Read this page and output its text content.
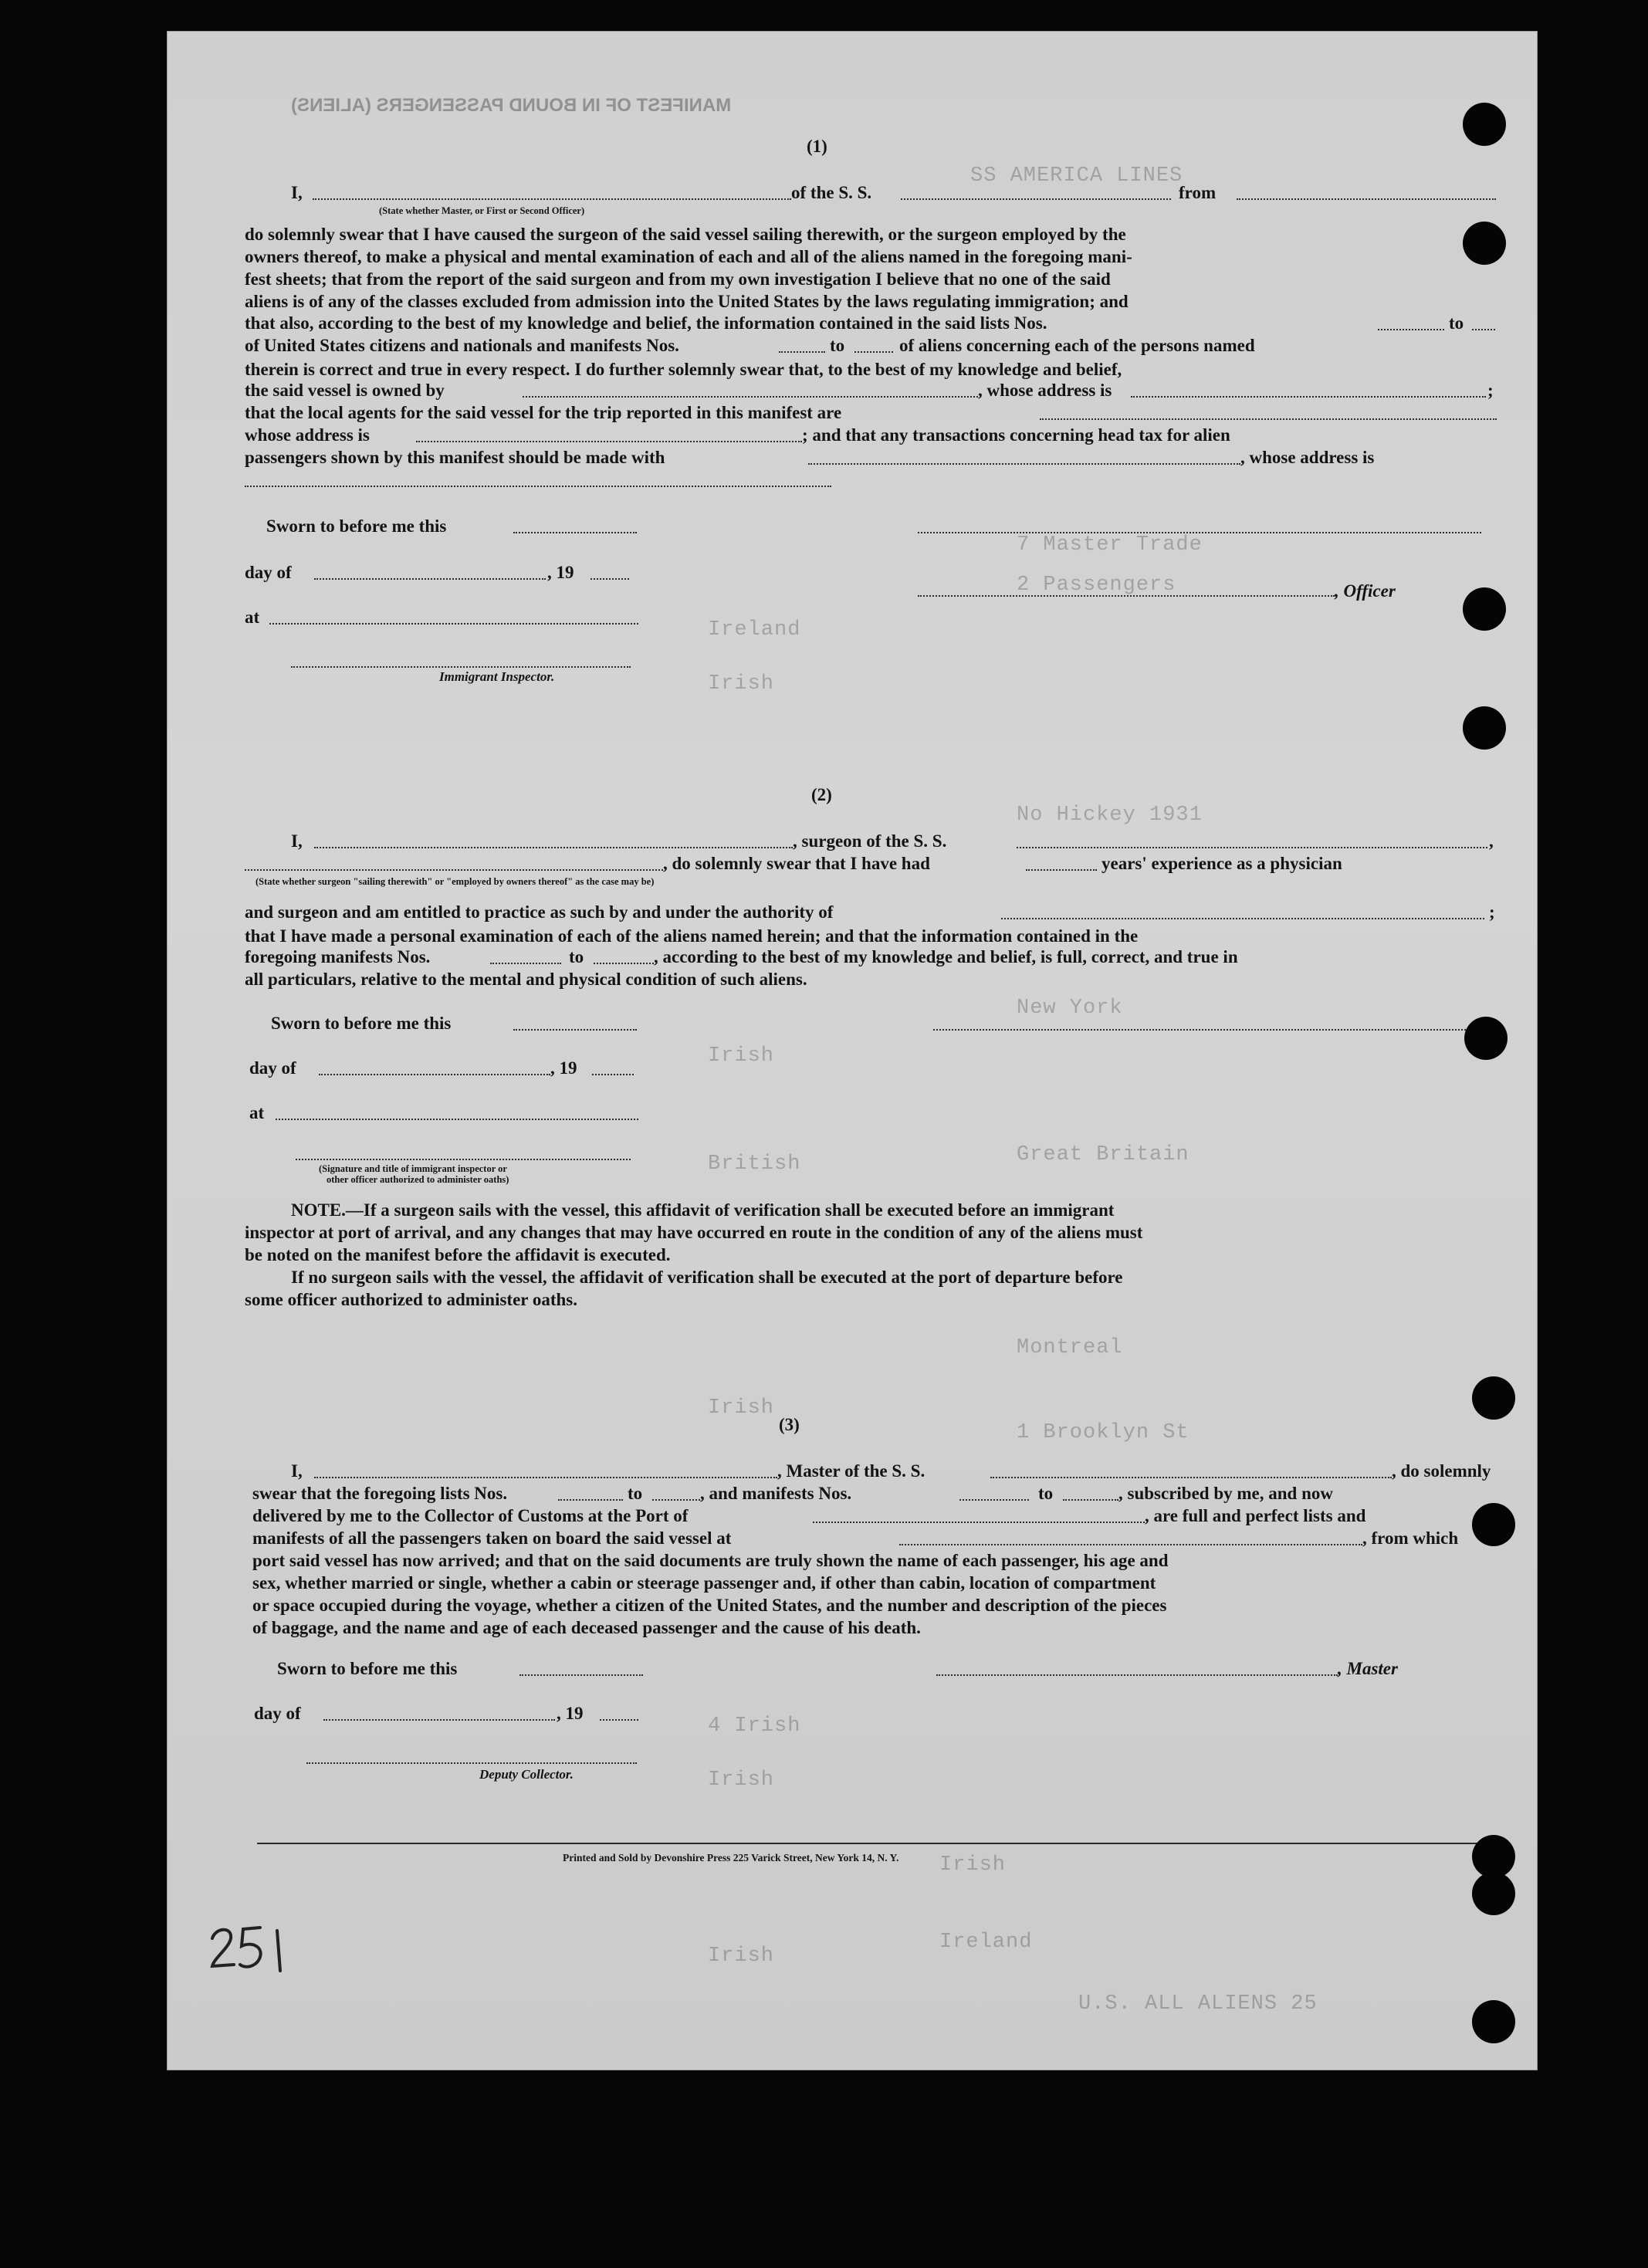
MANIFEST OF IN BOUND PASSENGERS (ALIENS)
SS AMERICA LINES
7 Master Trade
2 Passengers
Ireland
Irish
No Hickey 1931
New York
Irish
Great Britain
British
Montreal
Irish
1 Brooklyn St
4 Irish
Irish
Irish
Ireland
Irish
U.S. ALL ALIENS 25
(1)
I,	of the S. S.	from
(State whether Master, or First or Second Officer)
do solemnly swear that I have caused the surgeon of the said vessel sailing therewith, or the surgeon employed by the
owners thereof, to make a physical and mental examination of each and all of the aliens named in the foregoing mani-
fest sheets; that from the report of the said surgeon and from my own investigation I believe that no one of the said
aliens is of any of the classes excluded from admission into the United States by the laws regulating immigration; and
that also, according to the best of my knowledge and belief, the information contained in the said lists Nos.	to
of United States citizens and nationals and manifests Nos.	to	of aliens concerning each of the persons named
therein is correct and true in every respect. I do further solemnly swear that, to the best of my knowledge and belief,
the said vessel is owned by	, whose address is	;
that the local agents for the said vessel for the trip reported in this manifest are
whose address is	; and that any transactions concerning head tax for alien
passengers shown by this manifest should be made with	, whose address is
Sworn to before me this
day of	, 19
, Officer
at
Immigrant Inspector.
(2)
I,	, surgeon of the S. S.	,
, do solemnly swear that I have had	years' experience as a physician
(State whether surgeon "sailing therewith" or "employed by owners thereof" as the case may be)
and surgeon and am entitled to practice as such by and under the authority of	;
that I have made a personal examination of each of the aliens named herein; and that the information contained in the
foregoing manifests Nos.	to	, according to the best of my knowledge and belief, is full, correct, and true in
all particulars, relative to the mental and physical condition of such aliens.
Sworn to before me this
day of	, 19
at
(Signature and title of immigrant inspector or
other officer authorized to administer oaths)
NOTE.—If a surgeon sails with the vessel, this affidavit of verification shall be executed before an immigrant
inspector at port of arrival, and any changes that may have occurred en route in the condition of any of the aliens must
be noted on the manifest before the affidavit is executed.
If no surgeon sails with the vessel, the affidavit of verification shall be executed at the port of departure before
some officer authorized to administer oaths.
(3)
I,	, Master of the S. S.	, do solemnly
swear that the foregoing lists Nos.	to	, and manifests Nos.	to	, subscribed by me, and now
delivered by me to the Collector of Customs at the Port of	, are full and perfect lists and
manifests of all the passengers taken on board the said vessel at	, from which
port said vessel has now arrived; and that on the said documents are truly shown the name of each passenger, his age and
sex, whether married or single, whether a cabin or steerage passenger and, if other than cabin, location of compartment
or space occupied during the voyage, whether a citizen of the United States, and the number and description of the pieces
of baggage, and the name and age of each deceased passenger and the cause of his death.
Sworn to before me this	, Master
day of	, 19
Deputy Collector.
Printed and Sold by Devonshire Press 225 Varick Street, New York 14, N. Y.
